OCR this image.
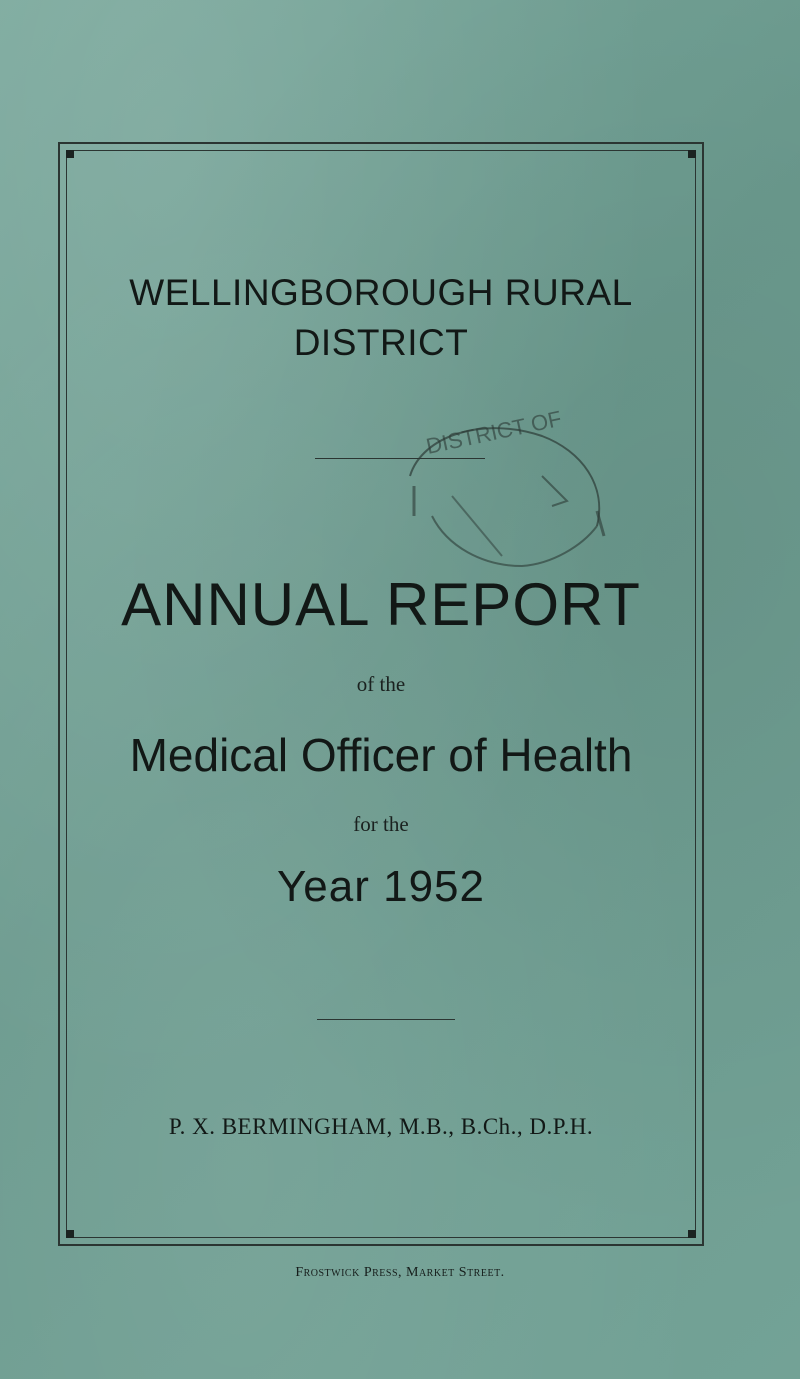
WELLINGBOROUGH RURAL
DISTRICT
DISTRICT OF
ANNUAL REPORT
of the
Medical Officer of Health
for the
Year 1952
P. X. BERMINGHAM, M.B., B.Ch., D.P.H.
Frostwick Press, Market Street.
